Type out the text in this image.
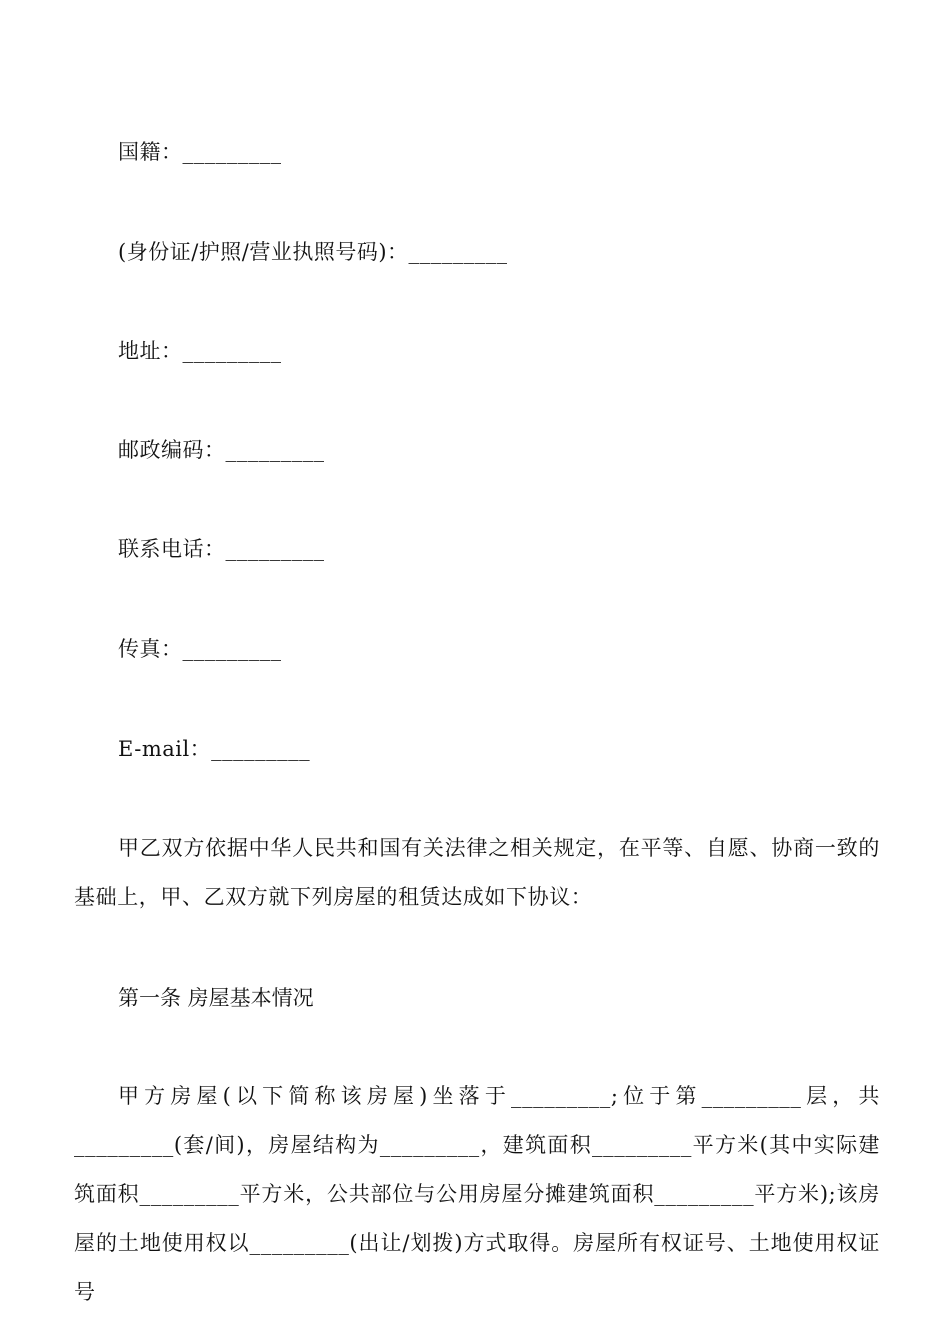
国籍：_________
(身份证/护照/营业执照号码)：_________
地址：_________
邮政编码：_________
联系电话：_________
传真：_________
E-mail：_________
甲乙双方依据中华人民共和国有关法律之相关规定，在平等、自愿、协商一致的基础上，甲、乙双方就下列房屋的租赁达成如下协议：
第一条 房屋基本情况
甲方房屋(以下简称该房屋)坐落于_________;位于第_________层，共_________(套/间)，房屋结构为_________，建筑面积_________平方米(其中实际建筑面积_________平方米，公共部位与公用房屋分摊建筑面积_________平方米);该房屋的土地使用权以_________(出让/划拨)方式取得。房屋所有权证号、土地使用权证号
